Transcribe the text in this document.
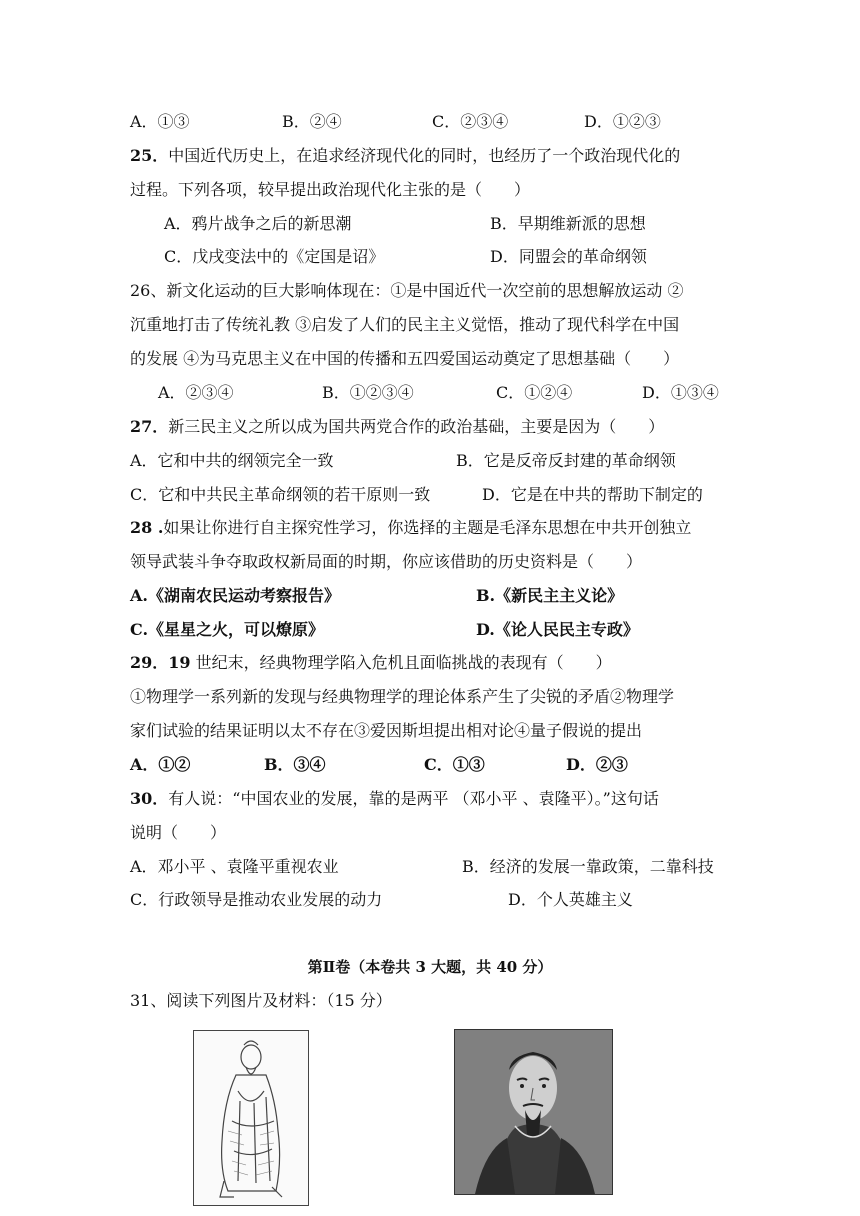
A．①③	B．②④	C．②③④	D．①②③
25．中国近代历史上，在追求经济现代化的同时，也经历了一个政治现代化的
过程。下列各项，较早提出政治现代化主张的是（　　）
A．鸦片战争之后的新思潮	B．早期维新派的思想
C．戊戌变法中的《定国是诏》	D．同盟会的革命纲领
26、新文化运动的巨大影响体现在：①是中国近代一次空前的思想解放运动 ②
沉重地打击了传统礼教 ③启发了人们的民主主义觉悟，推动了现代科学在中国
的发展 ④为马克思主义在中国的传播和五四爱国运动奠定了思想基础（　　）
A．②③④	B．①②③④	C．①②④	D．①③④
27．新三民主义之所以成为国共两党合作的政治基础，主要是因为（　　）
A．它和中共的纲领完全一致	B．它是反帝反封建的革命纲领
C．它和中共民主革命纲领的若干原则一致	D．它是在中共的帮助下制定的
28 .如果让你进行自主探究性学习，你选择的主题是毛泽东思想在中共开创独立
领导武装斗争夺取政权新局面的时期，你应该借助的历史资料是（　　）
A.《湖南农民运动考察报告》	B.《新民主主义论》
C.《星星之火，可以燎原》	D.《论人民民主专政》
29．19 世纪末，经典物理学陷入危机且面临挑战的表现有（　　）
①物理学一系列新的发现与经典物理学的理论体系产生了尖锐的矛盾②物理学
家们试验的结果证明以太不存在③爱因斯坦提出相对论④量子假说的提出
A．①②	B．③④	C．①③	D．②③
30．有人说：“中国农业的发展，靠的是两平 （邓小平 、袁隆平）。”这句话
说明（　　）
A．邓小平 、袁隆平重视农业	B．经济的发展一靠政策，二靠科技
C．行政领导是推动农业发展的动力	D．个人英雄主义
第Ⅱ卷（本卷共 3 大题，共 40 分）
31、阅读下列图片及材料：（15 分）
